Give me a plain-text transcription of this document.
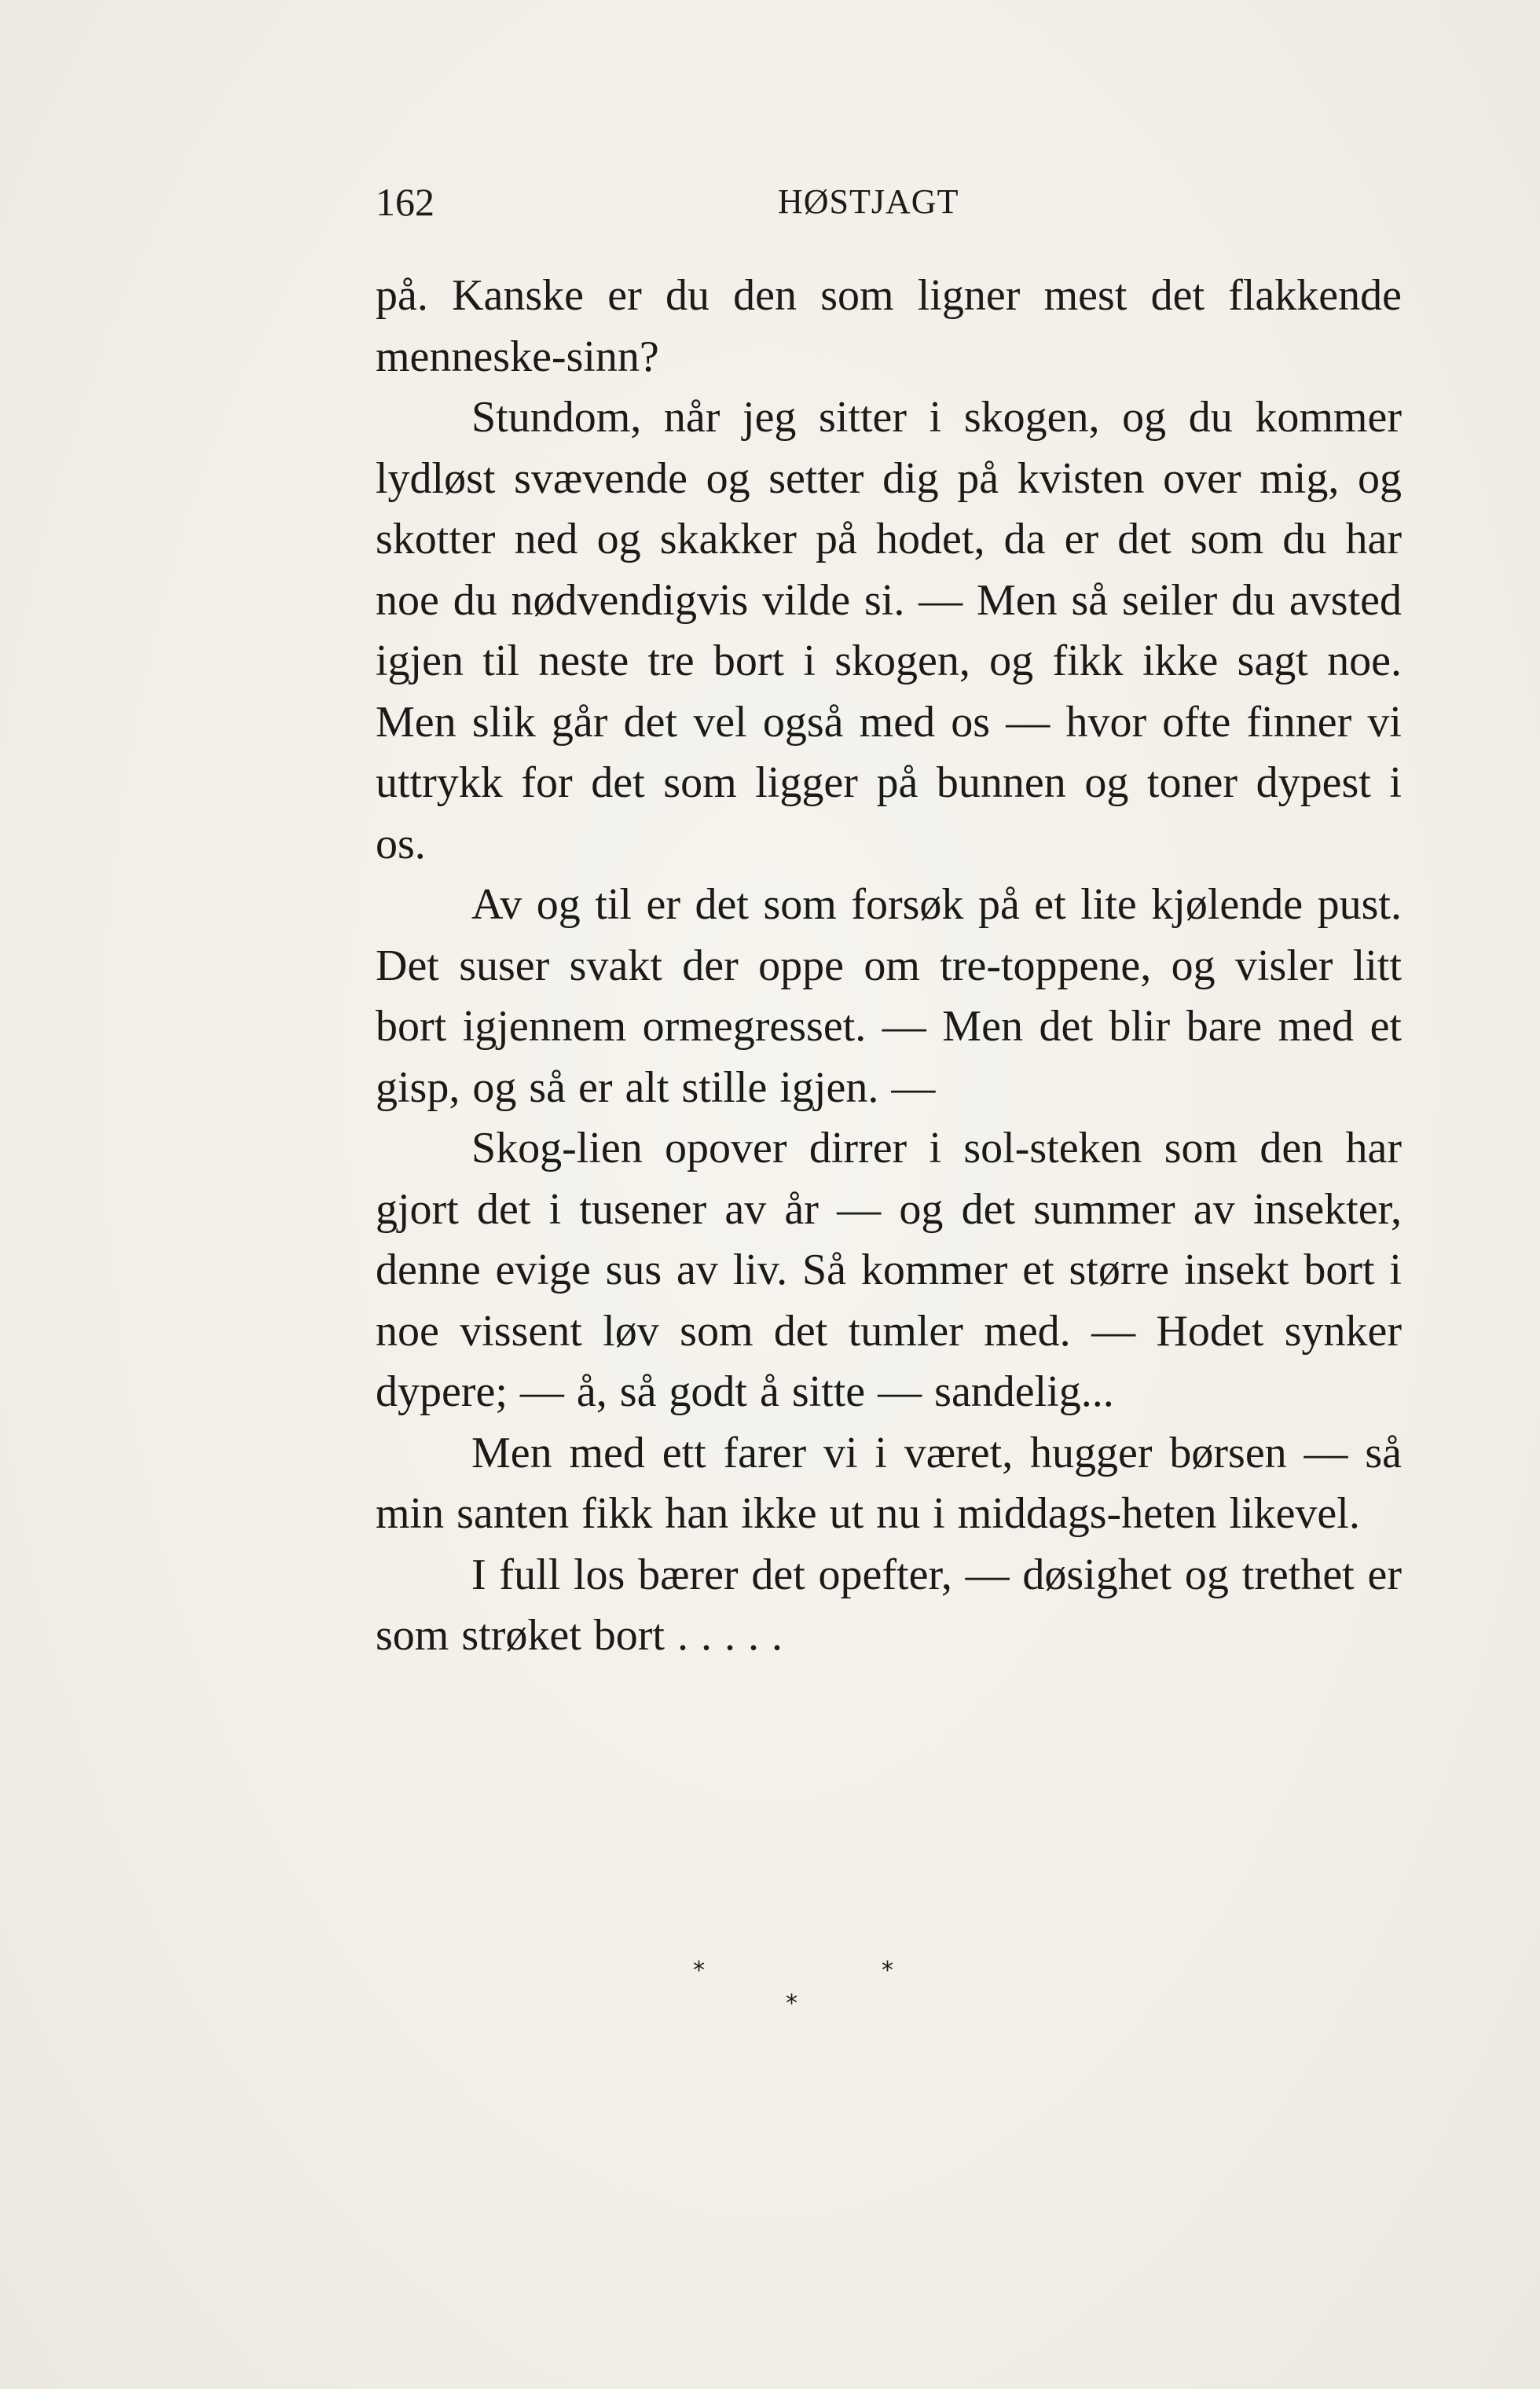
162	HØSTJAGT

på. Kanske er du den som ligner mest det flakkende menneske-sinn?

Stundom, når jeg sitter i skogen, og du kommer lydløst svævende og setter dig på kvisten over mig, og skotter ned og skakker på hodet, da er det som du har noe du nødvendigvis vilde si. — Men så seiler du avsted igjen til neste tre bort i skogen, og fikk ikke sagt noe. Men slik går det vel også med os — hvor ofte finner vi uttrykk for det som ligger på bunnen og toner dypest i os.

Av og til er det som forsøk på et lite kjølende pust. Det suser svakt der oppe om tre-toppene, og visler litt bort igjennem ormegresset. — Men det blir bare med et gisp, og så er alt stille igjen. —

Skog-lien opover dirrer i sol-steken som den har gjort det i tusener av år — og det summer av insekter, denne evige sus av liv. Så kommer et større insekt bort i noe vissent løv som det tumler med. — Hodet synker dypere; — å, så godt å sitte — sandelig...

Men med ett farer vi i været, hugger børsen — så min santen fikk han ikke ut nu i middags-heten likevel.

I full los bærer det opefter, — døsighet og trethet er som strøket bort . . . . .

*	*
*
